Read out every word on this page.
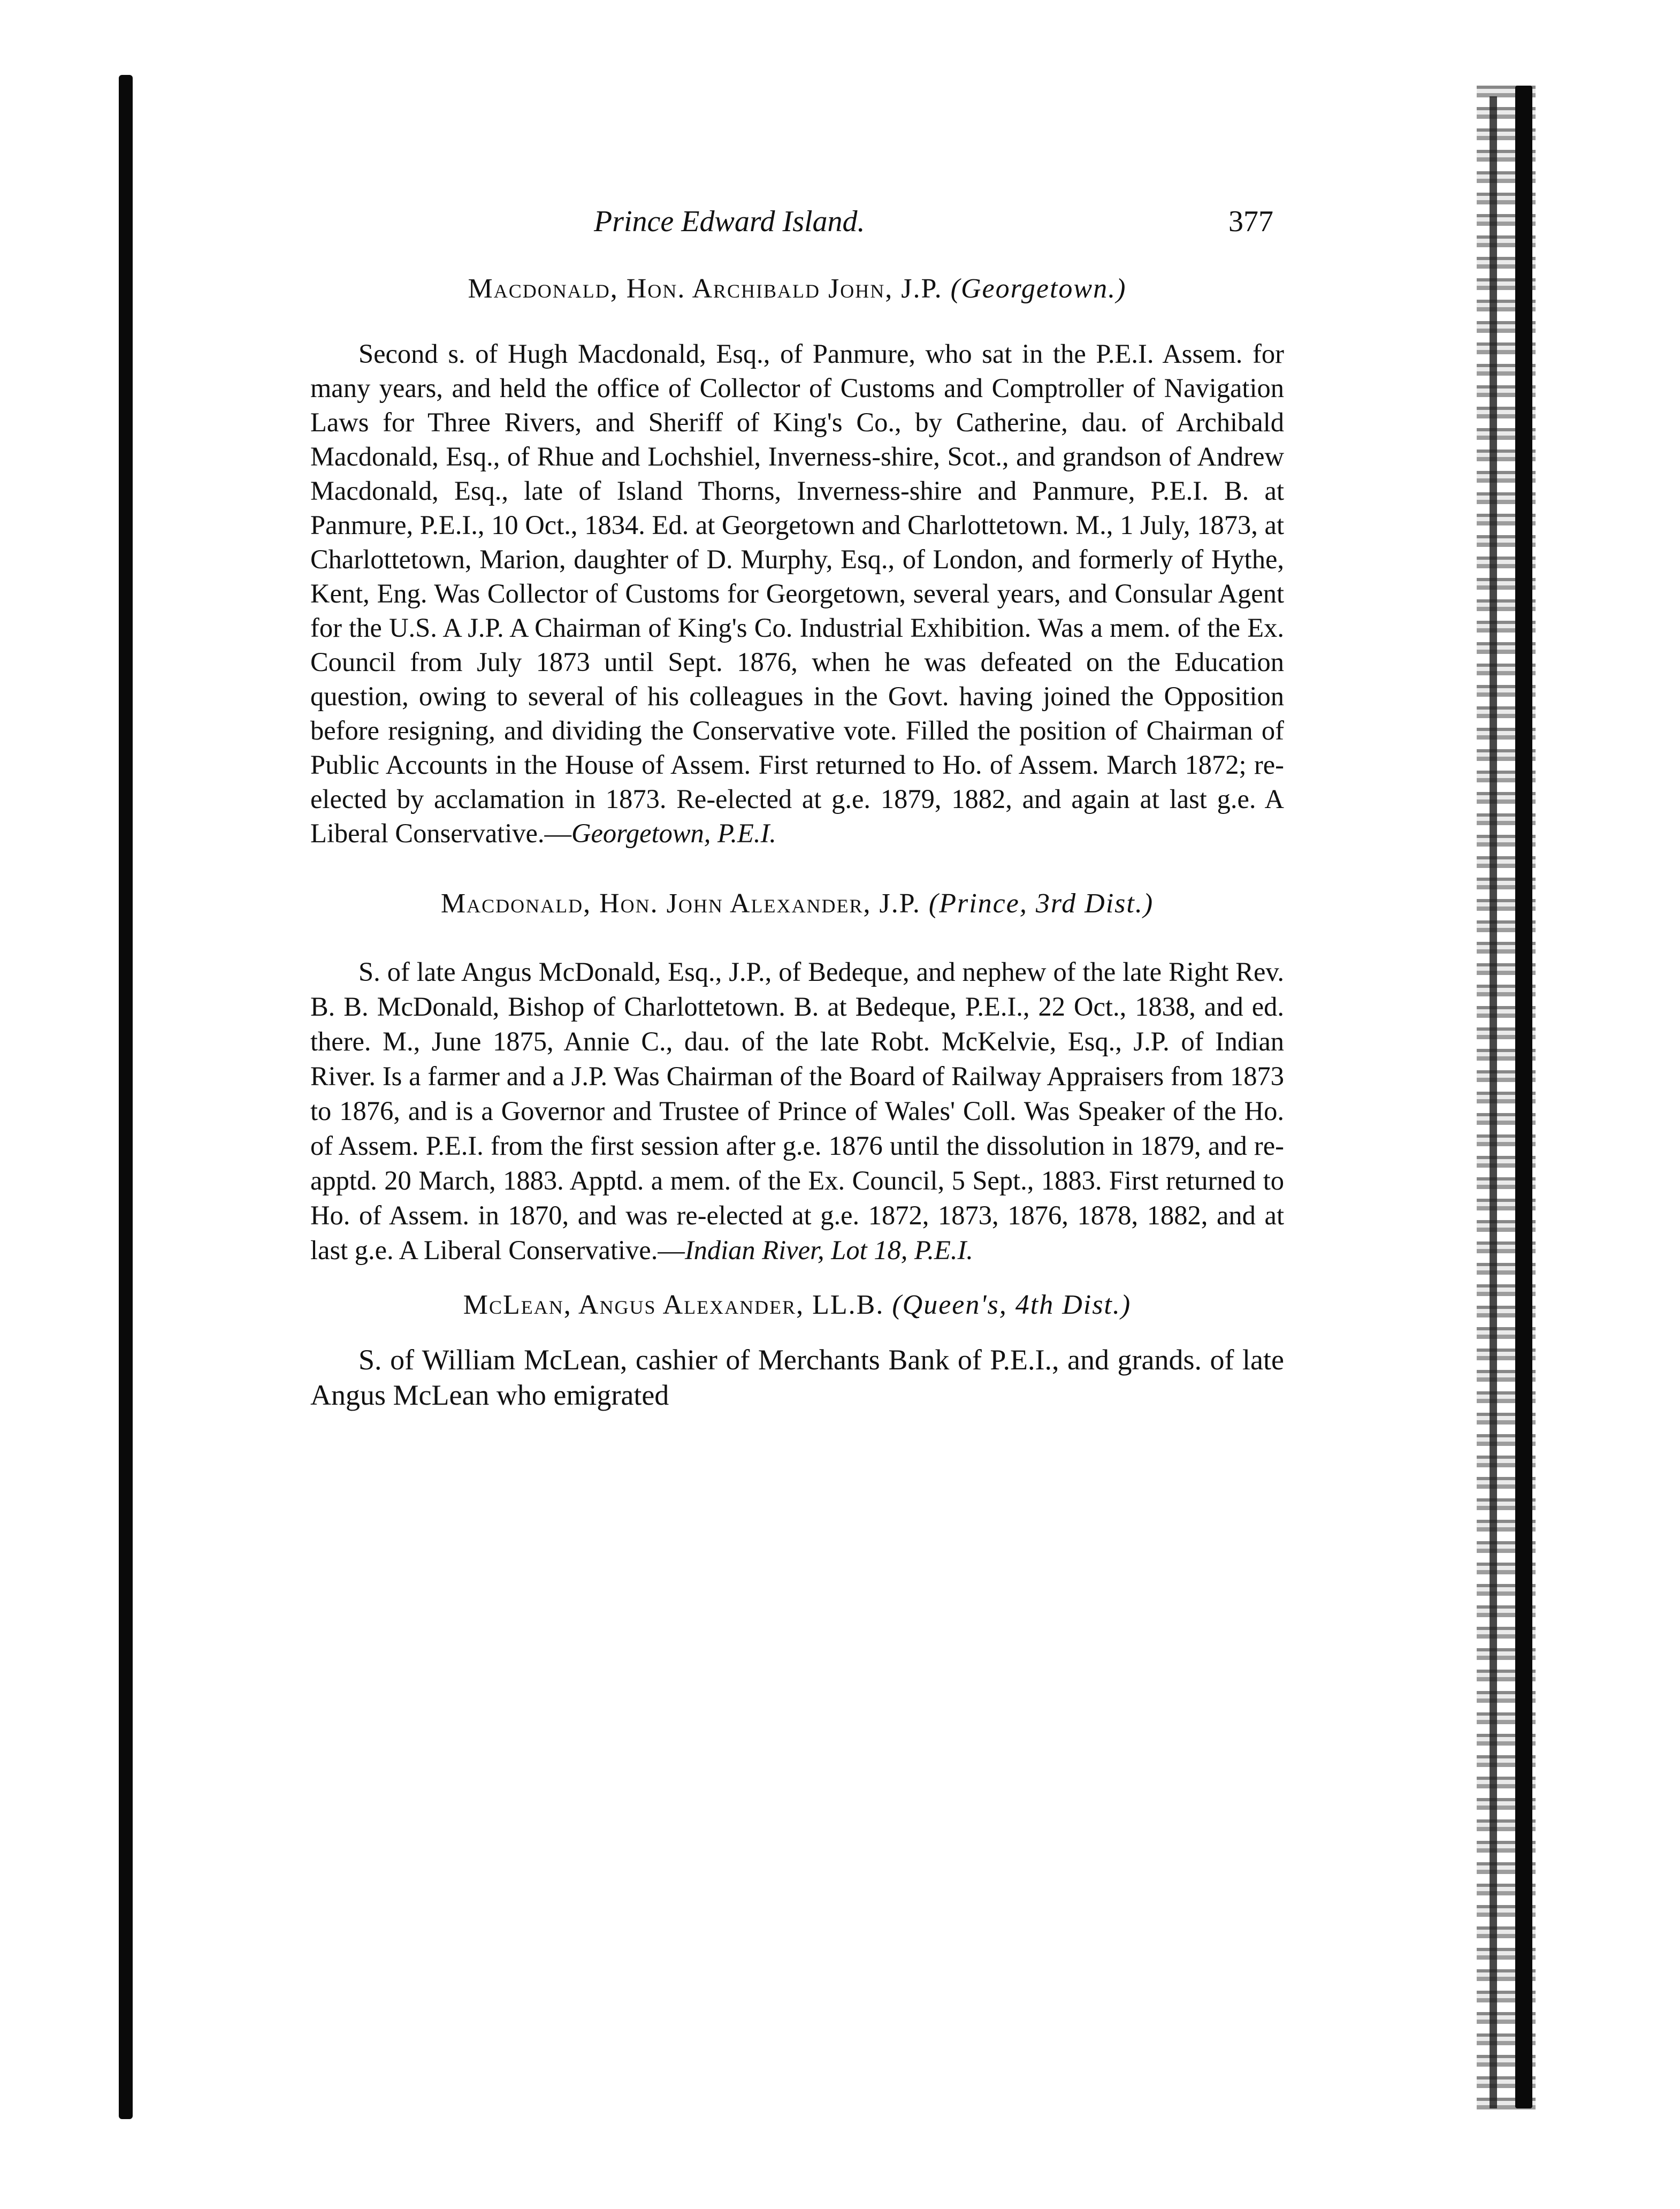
Prince Edward Island.	377

Macdonald, Hon. Archibald John, J.P. (Georgetown.)

Second s. of Hugh Macdonald, Esq., of Panmure, who sat in the P.E.I. Assem. for many years, and held the office of Collector of Customs and Comptroller of Navigation Laws for Three Rivers, and Sheriff of King's Co., by Catherine, dau. of Archibald Macdonald, Esq., of Rhue and Lochshiel, Inverness-shire, Scot., and grandson of Andrew Macdonald, Esq., late of Island Thorns, Inverness-shire and Panmure, P.E.I. B. at Panmure, P.E.I., 10 Oct., 1834. Ed. at Georgetown and Charlottetown. M., 1 July, 1873, at Charlottetown, Marion, daughter of D. Murphy, Esq., of London, and formerly of Hythe, Kent, Eng. Was Collector of Customs for Georgetown, several years, and Consular Agent for the U.S. A J.P. A Chairman of King's Co. Industrial Exhibition. Was a mem. of the Ex. Council from July 1873 until Sept. 1876, when he was defeated on the Education question, owing to several of his colleagues in the Govt. having joined the Opposition before resigning, and dividing the Conservative vote. Filled the position of Chairman of Public Accounts in the House of Assem. First returned to Ho. of Assem. March 1872; re-elected by acclamation in 1873. Re-elected at g.e. 1879, 1882, and again at last g.e. A Liberal Conservative.—Georgetown, P.E.I.

Macdonald, Hon. John Alexander, J.P. (Prince, 3rd Dist.)

S. of late Angus McDonald, Esq., J.P., of Bedeque, and nephew of the late Right Rev. B. B. McDonald, Bishop of Charlottetown. B. at Bedeque, P.E.I., 22 Oct., 1838, and ed. there. M., June 1875, Annie C., dau. of the late Robt. McKelvie, Esq., J.P. of Indian River. Is a farmer and a J.P. Was Chairman of the Board of Railway Appraisers from 1873 to 1876, and is a Governor and Trustee of Prince of Wales' Coll. Was Speaker of the Ho. of Assem. P.E.I. from the first session after g.e. 1876 until the dissolution in 1879, and re-apptd. 20 March, 1883. Apptd. a mem. of the Ex. Council, 5 Sept., 1883. First returned to Ho. of Assem. in 1870, and was re-elected at g.e. 1872, 1873, 1876, 1878, 1882, and at last g.e. A Liberal Conservative.—Indian River, Lot 18, P.E.I.

McLean, Angus Alexander, LL.B. (Queen's, 4th Dist.)

S. of William McLean, cashier of Merchants Bank of P.E.I., and grands. of late Angus McLean who emigrated
